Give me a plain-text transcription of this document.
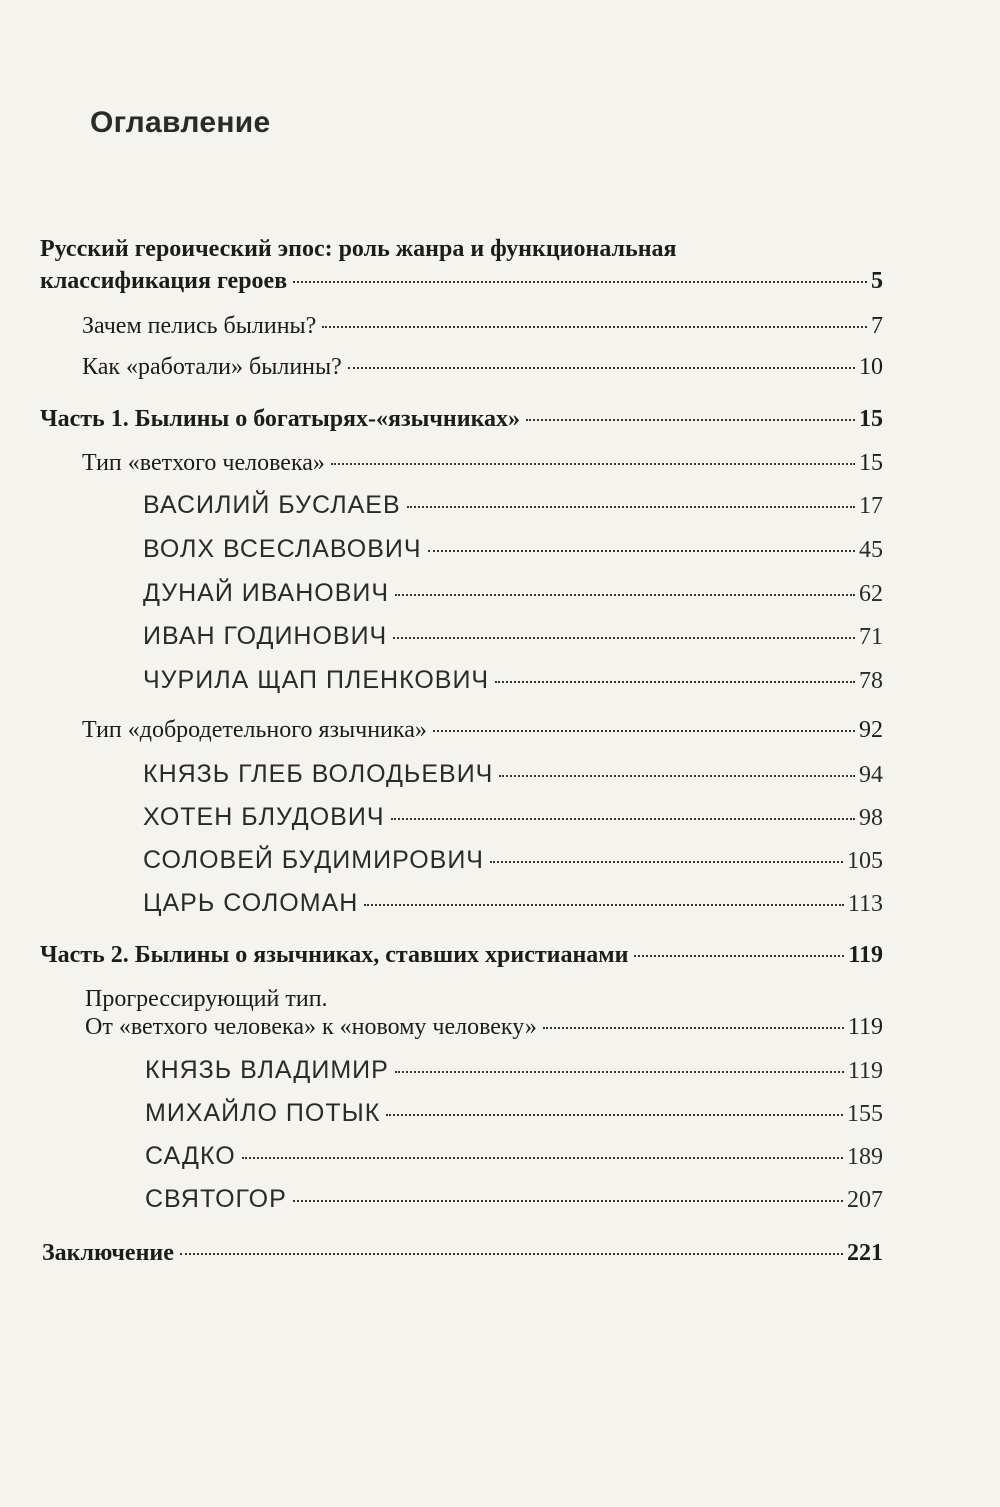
Оглавление
Русский героический эпос: роль жанра и функциональная
классификация героев	5
Зачем пелись былины?	7
Как «работали» былины?	10
Часть 1. Былины о богатырях-«язычниках»	15
Тип «ветхого человека»	15
ВАСИЛИЙ БУСЛАЕВ	17
ВОЛХ ВСЕСЛАВОВИЧ	45
ДУНАЙ ИВАНОВИЧ	62
ИВАН ГОДИНОВИЧ	71
ЧУРИЛА ЩАП ПЛЕНКОВИЧ	78
Тип «добродетельного язычника»	92
КНЯЗЬ ГЛЕБ ВОЛОДЬЕВИЧ	94
ХОТЕН БЛУДОВИЧ	98
СОЛОВЕЙ БУДИМИРОВИЧ	105
ЦАРЬ СОЛОМАН	113
Часть 2. Былины о язычниках, ставших христианами	119
Прогрессирующий тип.
От «ветхого человека» к «новому человеку»	119
КНЯЗЬ ВЛАДИМИР	119
МИХАЙЛО ПОТЫК	155
САДКО	189
СВЯТОГОР	207
Заключение	221
